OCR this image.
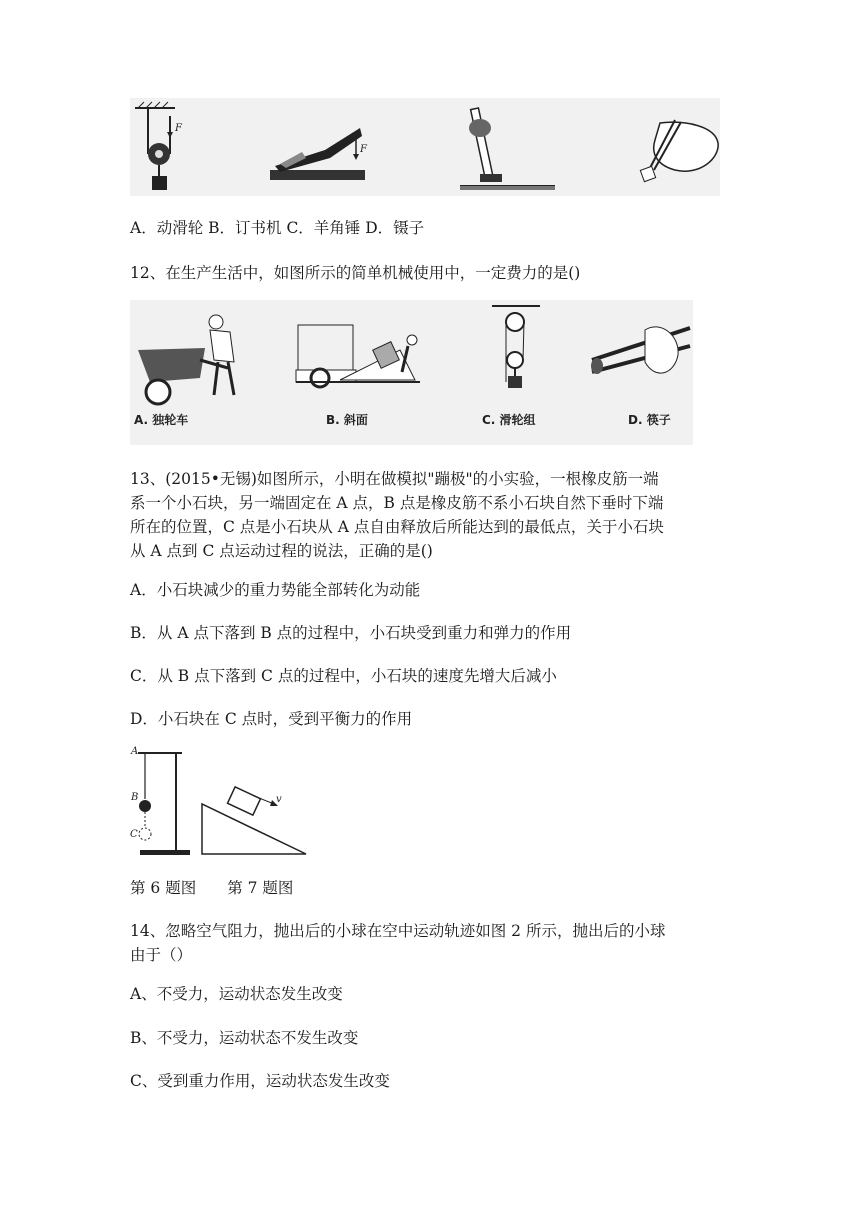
F
F
A．动滑轮 B．订书机 C．羊角锤 D．镊子
12、在生产生活中，如图所示的简单机械使用中，一定费力的是()
A. 独轮车	B. 斜面	C. 滑轮组	D. 筷子
13、(2015•无锡)如图所示，小明在做模拟"蹦极"的小实验，一根橡皮筋一端
系一个小石块，另一端固定在 A 点，B 点是橡皮筋不系小石块自然下垂时下端
所在的位置，C 点是小石块从 A 点自由释放后所能达到的最低点，关于小石块
从 A 点到 C 点运动过程的说法，正确的是()
A．小石块减少的重力势能全部转化为动能
B．从 A 点下落到 B 点的过程中，小石块受到重力和弹力的作用
C．从 B 点下落到 C 点的过程中，小石块的速度先增大后减小
D．小石块在 C 点时，受到平衡力的作用
A
B
C
v
第 6 题图　　第 7 题图
14、忽略空气阻力，抛出后的小球在空中运动轨迹如图 2 所示，抛出后的小球
由于（）
A、不受力，运动状态发生改变
B、不受力，运动状态不发生改变
C、受到重力作用，运动状态发生改变
